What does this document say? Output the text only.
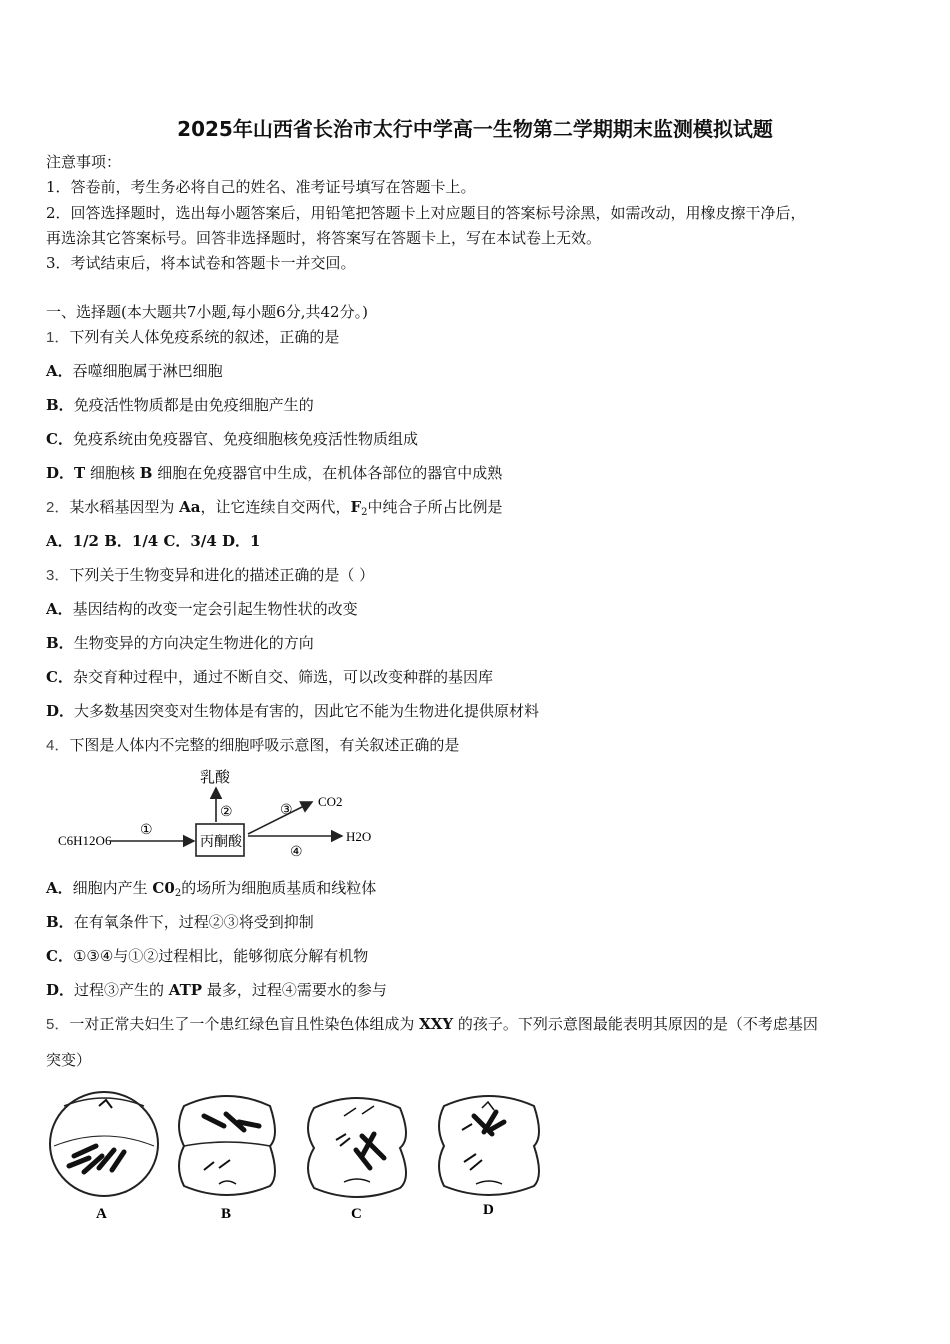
2025年山西省长治市太行中学高一生物第二学期期末监测模拟试题
注意事项：
1．答卷前，考生务必将自己的姓名、准考证号填写在答题卡上。
2．回答选择题时，选出每小题答案后，用铅笔把答题卡上对应题目的答案标号涂黑，如需改动，用橡皮擦干净后，
再选涂其它答案标号。回答非选择题时，将答案写在答题卡上，写在本试卷上无效。
3．考试结束后，将本试卷和答题卡一并交回。
一、选择题(本大题共7小题,每小题6分,共42分。)
1．下列有关人体免疫系统的叙述，正确的是
A．吞噬细胞属于淋巴细胞
B．免疫活性物质都是由免疫细胞产生的
C．免疫系统由免疫器官、免疫细胞核免疫活性物质组成
D．T 细胞核 B 细胞在免疫器官中生成，在机体各部位的器官中成熟
2．某水稻基因型为 Aa，让它连续自交两代，$F_2$中纯合子所占比例是
A．1/2 B．1/4 C．3/4 D．1
3．下列关于生物变异和进化的描述正确的是（ ）
A．基因结构的改变一定会引起生物性状的改变
B．生物变异的方向决定生物进化的方向
C．杂交育种过程中，通过不断自交、筛选，可以改变种群的基因库
D．大多数基因突变对生物体是有害的，因此它不能为生物进化提供原材料
4．下图是人体内不完整的细胞呼吸示意图，有关叙述正确的是
乳酸
②
C6H12O6
①
丙酮酸
③
CO2
④
H2O
A．细胞内产生 $C0_2$的场所为细胞质基质和线粒体
B．在有氧条件下，过程②③将受到抑制
C．①③④与①②过程相比，能够彻底分解有机物
D．过程③产生的 ATP 最多，过程④需要水的参与
5．一对正常夫妇生了一个患红绿色盲且性染色体组成为 XXY 的孩子。下列示意图最能表明其原因的是（不考虑基因
突变）
A	B	C	D
